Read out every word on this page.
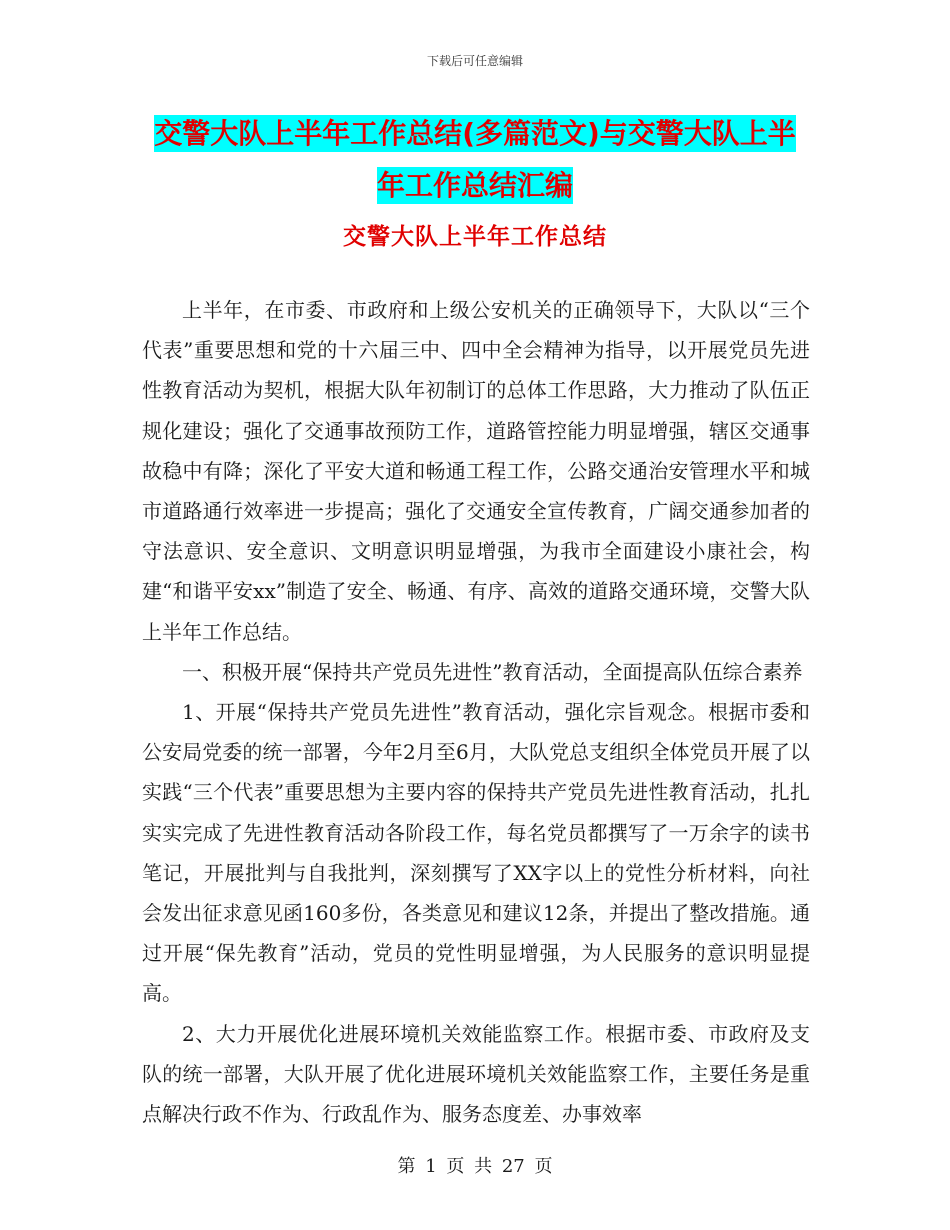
下载后可任意编辑
交警大队上半年工作总结(多篇范文)与交警大队上半
年工作总结汇编
交警大队上半年工作总结

上半年，在市委、市政府和上级公安机关的正确领导下，大队以“三个代表”重要思想和党的十六届三中、四中全会精神为指导，以开展党员先进性教育活动为契机，根据大队年初制订的总体工作思路，大力推动了队伍正规化建设；强化了交通事故预防工作，道路管控能力明显增强，辖区交通事故稳中有降；深化了平安大道和畅通工程工作，公路交通治安管理水平和城市道路通行效率进一步提高；强化了交通安全宣传教育，广阔交通参加者的守法意识、安全意识、文明意识明显增强，为我市全面建设小康社会，构建“和谐平安xx”制造了安全、畅通、有序、高效的道路交通环境，交警大队上半年工作总结。

一、积极开展“保持共产党员先进性”教育活动，全面提高队伍综合素养

1、开展“保持共产党员先进性”教育活动，强化宗旨观念。根据市委和公安局党委的统一部署，今年2月至6月，大队党总支组织全体党员开展了以实践“三个代表”重要思想为主要内容的保持共产党员先进性教育活动，扎扎实实完成了先进性教育活动各阶段工作，每名党员都撰写了一万余字的读书笔记，开展批判与自我批判，深刻撰写了XX字以上的党性分析材料，向社会发出征求意见函160多份，各类意见和建议12条，并提出了整改措施。通过开展“保先教育”活动，党员的党性明显增强，为人民服务的意识明显提高。

2、大力开展优化进展环境机关效能监察工作。根据市委、市政府及支队的统一部署，大队开展了优化进展环境机关效能监察工作，主要任务是重点解决行政不作为、行政乱作为、服务态度差、办事效率

第 1 页 共 27 页
